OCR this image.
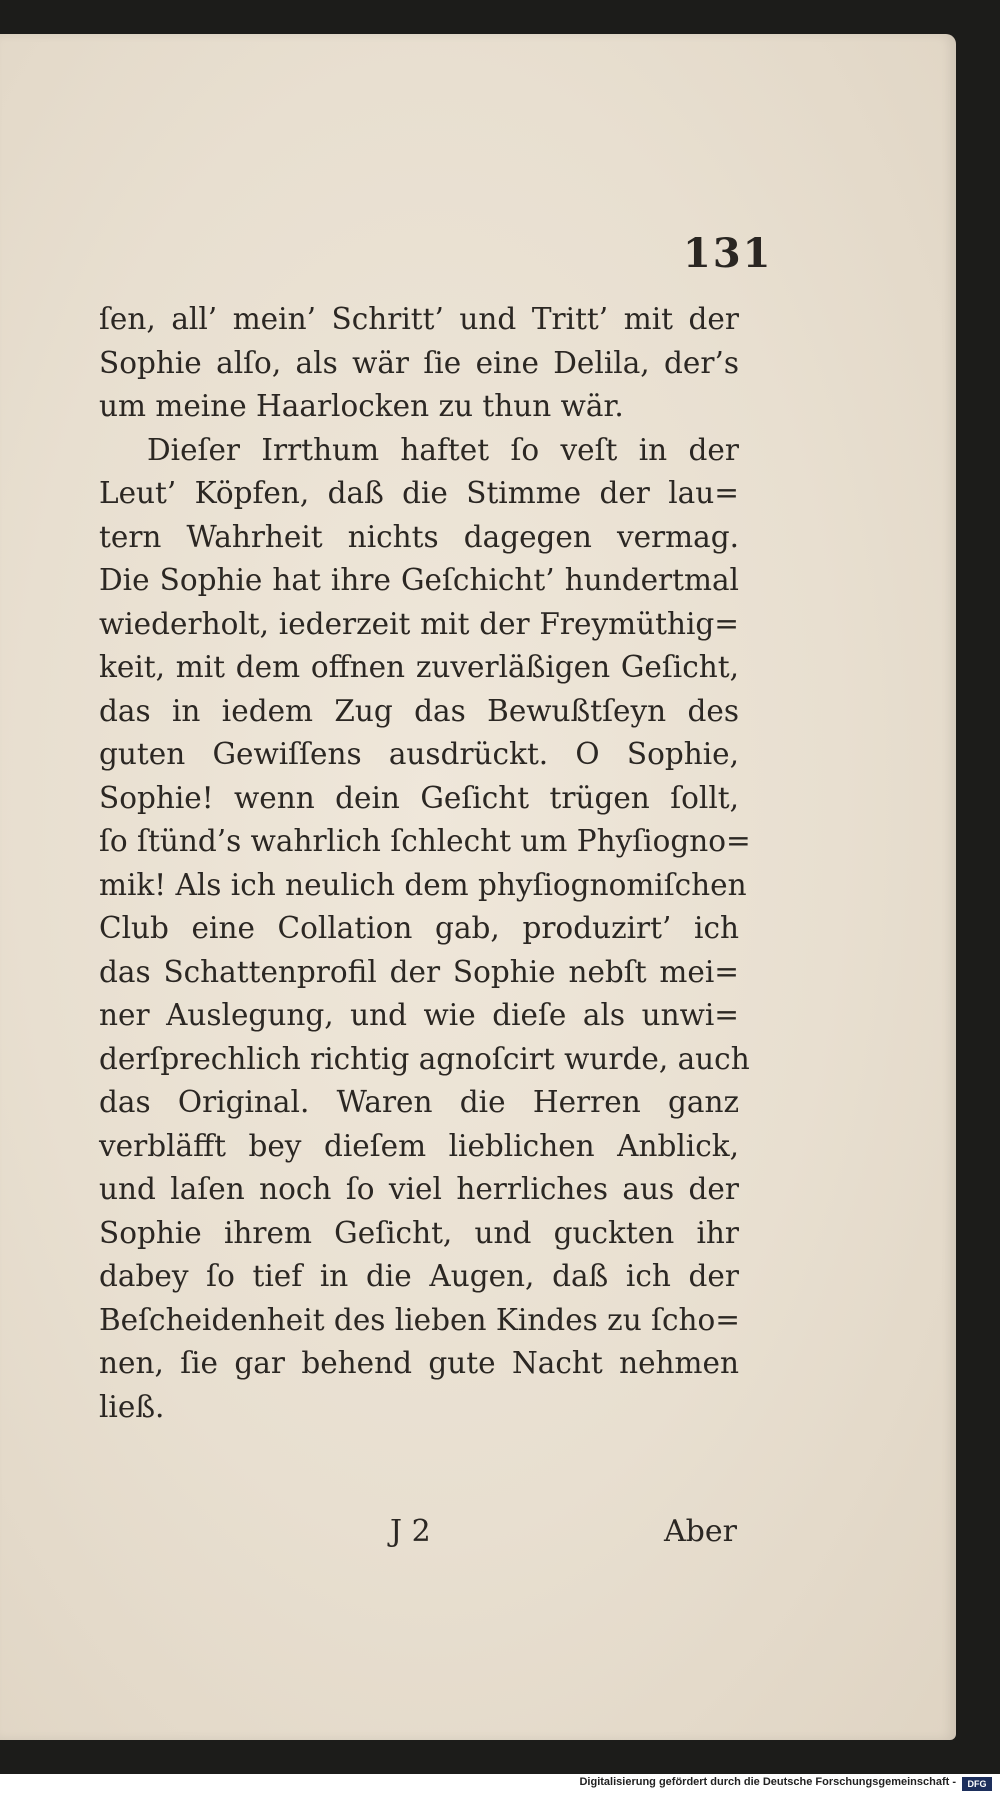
131
ſen, all’ mein’ Schritt’ und Tritt’ mit der
Sophie alſo, als wär ſie eine Delila, der’s
um meine Haarlocken zu thun wär.
Dieſer Irrthum haftet ſo veſt in der
Leut’ Köpfen, daß die Stimme der lau=
tern Wahrheit nichts dagegen vermag.
Die Sophie hat ihre Geſchicht’ hundertmal
wiederholt, iederzeit mit der Freymüthig=
keit, mit dem offnen zuverläßigen Geſicht,
das in iedem Zug das Bewußtſeyn des
guten Gewiſſens ausdrückt. O Sophie,
Sophie! wenn dein Geſicht trügen ſollt,
ſo ſtünd’s wahrlich ſchlecht um Phyſiogno=
mik! Als ich neulich dem phyſiognomiſchen
Club eine Collation gab, produzirt’ ich
das Schattenprofil der Sophie nebſt mei=
ner Auslegung, und wie dieſe als unwi=
derſprechlich richtig agnoſcirt wurde, auch
das Original. Waren die Herren ganz
verbläfft bey dieſem lieblichen Anblick,
und laſen noch ſo viel herrliches aus der
Sophie ihrem Geſicht, und guckten ihr
dabey ſo tief in die Augen, daß ich der
Beſcheidenheit des lieben Kindes zu ſcho=
nen, ſie gar behend gute Nacht nehmen
ließ.
J 2	Aber
Digitalisierung gefördert durch die Deutsche Forschungsgemeinschaft -	DFG
